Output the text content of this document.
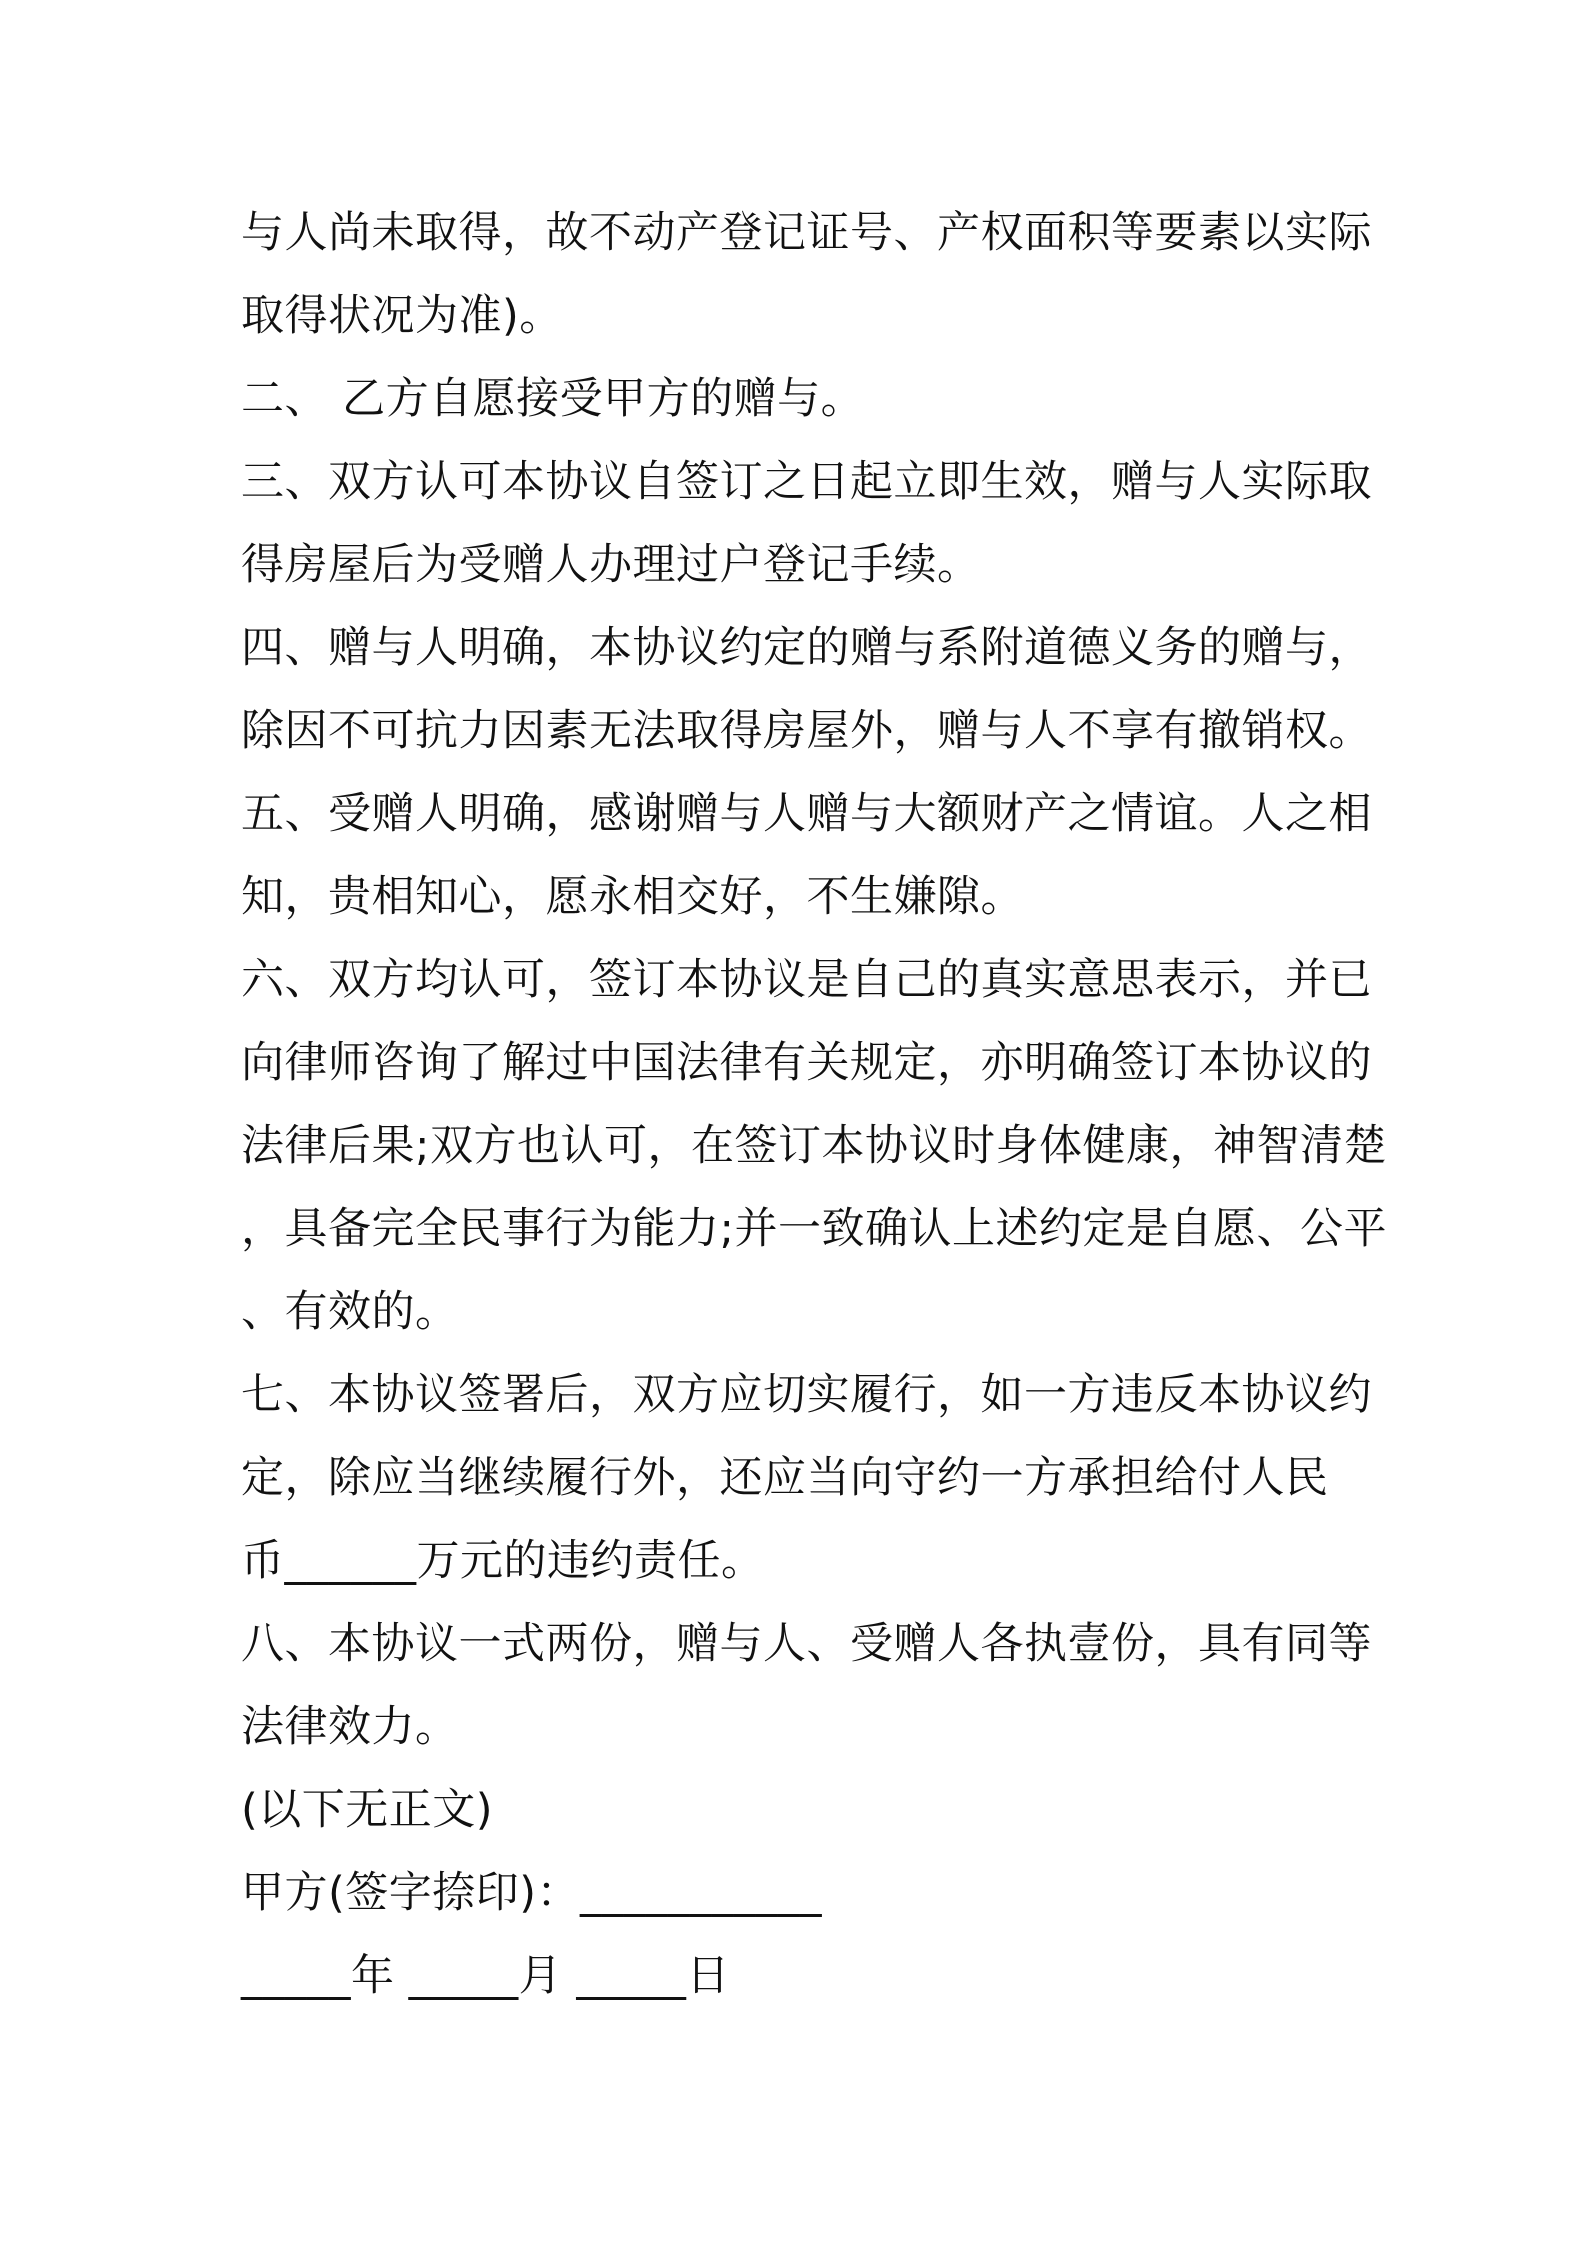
与人尚未取得，故不动产登记证号、产权面积等要素以实际
取得状况为准)。
二、 乙方自愿接受甲方的赠与。
三、双方认可本协议自签订之日起立即生效，赠与人实际取
得房屋后为受赠人办理过户登记手续。
四、赠与人明确，本协议约定的赠与系附道德义务的赠与，
除因不可抗力因素无法取得房屋外，赠与人不享有撤销权。
五、受赠人明确，感谢赠与人赠与大额财产之情谊。人之相
知，贵相知心，愿永相交好，不生嫌隙。
六、双方均认可，签订本协议是自己的真实意思表示，并已
向律师咨询了解过中国法律有关规定，亦明确签订本协议的
法律后果;双方也认可，在签订本协议时身体健康，神智清楚
，具备完全民事行为能力;并一致确认上述约定是自愿、公平
、有效的。
七、本协议签署后，双方应切实履行，如一方违反本协议约
定，除应当继续履行外，还应当向守约一方承担给付人民
币______万元的违约责任。
八、本协议一式两份，赠与人、受赠人各执壹份，具有同等
法律效力。
(以下无正文)
甲方(签字捺印)：___________
_____年 _____月 _____日
